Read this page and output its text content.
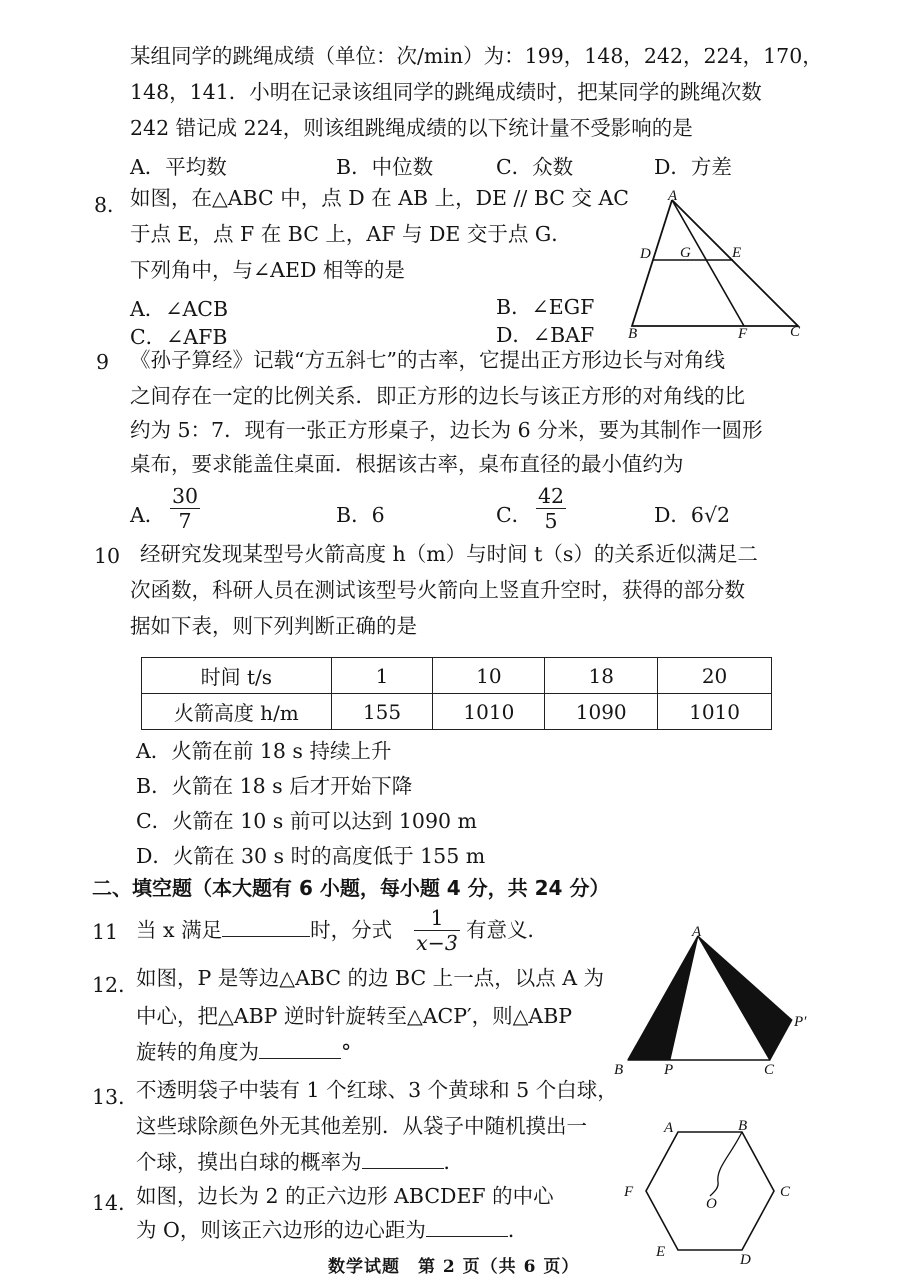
某组同学的跳绳成绩（单位：次/min）为：199，148，242，224，170，
148，141．小明在记录该组同学的跳绳成绩时，把某同学的跳绳次数
242 错记成 224，则该组跳绳成绩的以下统计量不受影响的是
A．平均数	B．中位数	C．众数	D．方差
8． 如图，在△ABC 中，点 D 在 AB 上，DE // BC 交 AC
于点 E，点 F 在 BC 上，AF 与 DE 交于点 G．
下列角中，与∠AED 相等的是
A．∠ACB	B．∠EGF
C．∠AFB	D．∠BAF
A
D G	E
B	F	C
9 《孙子算经》记载“方五斜七”的古率，它提出正方形边长与对角线
之间存在一定的比例关系．即正方形的边长与该正方形的对角线的比
约为 5：7．现有一张正方形桌子，边长为 6 分米，要为其制作一圆形
桌布，要求能盖住桌面．根据该古率，桌布直径的最小值约为
A． $\frac{30}{7}$	B．6	C． $\frac{42}{5}$	D．6√2
10 经研究发现某型号火箭高度 h（m）与时间 t（s）的关系近似满足二
次函数，科研人员在测试该型号火箭向上竖直升空时，获得的部分数
据如下表，则下列判断正确的是
时间 t/s	1	10	18	20
火箭高度 h/m	155	1010	1090	1010
A．火箭在前 18 s 持续上升
B．火箭在 18 s 后才开始下降
C．火箭在 10 s 前可以达到 1090 m
D．火箭在 30 s 时的高度低于 155 m
二、填空题（本大题有 6 小题，每小题 4 分，共 24 分）
11 当 x 满足	时，分式 $\frac{1}{x-3}$ 有意义．
12．
如图，P 是等边△ABC 的边 BC 上一点，以点 A 为
中心，把△ABP 逆时针旋转至△ACP′，则△ABP
旋转的角度为	°
A
B	P	C
P′
13．
不透明袋子中装有 1 个红球、3 个黄球和 5 个白球，
这些球除颜色外无其他差别．从袋子中随机摸出一
个球，摸出白球的概率为	．
14．
如图，边长为 2 的正六边形 ABCDEF 的中心
为 O，则该正六边形的边心距为	．
A	B
C
D
E
F
O
数学试题　第 2 页（共 6 页）
